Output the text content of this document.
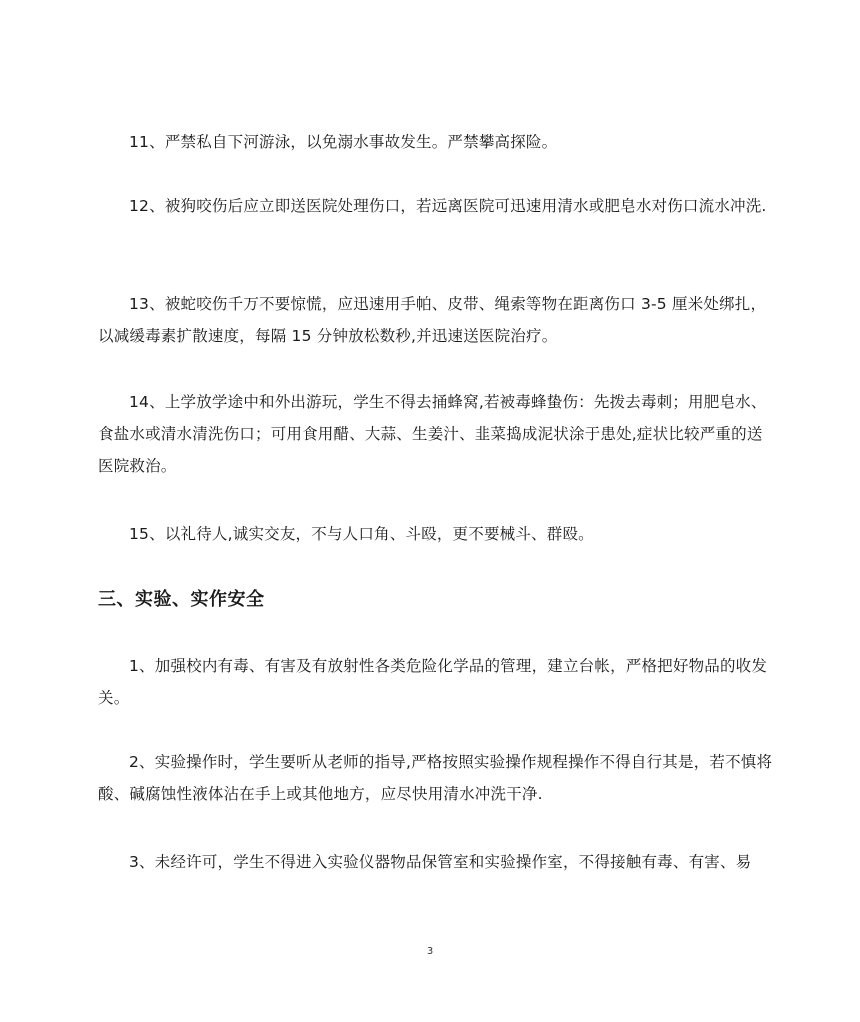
11、严禁私自下河游泳，以免溺水事故发生。严禁攀高探险。

12、被狗咬伤后应立即送医院处理伤口，若远离医院可迅速用清水或肥皂水对伤口流水冲洗.

13、被蛇咬伤千万不要惊慌，应迅速用手帕、皮带、绳索等物在距离伤口 3-5 厘米处绑扎，以减缓毒素扩散速度，每隔 15 分钟放松数秒,并迅速送医院治疗。

14、上学放学途中和外出游玩，学生不得去捅蜂窝,若被毒蜂蛰伤：先拨去毒刺；用肥皂水、食盐水或清水清洗伤口；可用食用醋、大蒜、生姜汁、韭菜捣成泥状涂于患处,症状比较严重的送医院救治。

15、以礼待人,诚实交友，不与人口角、斗殴，更不要械斗、群殴。

三、实验、实作安全

1、加强校内有毒、有害及有放射性各类危险化学品的管理，建立台帐，严格把好物品的收发关。

2、实验操作时，学生要听从老师的指导,严格按照实验操作规程操作不得自行其是，若不慎将酸、碱腐蚀性液体沾在手上或其他地方，应尽快用清水冲洗干净.

3、未经许可，学生不得进入实验仪器物品保管室和实验操作室，不得接触有毒、有害、易

3
